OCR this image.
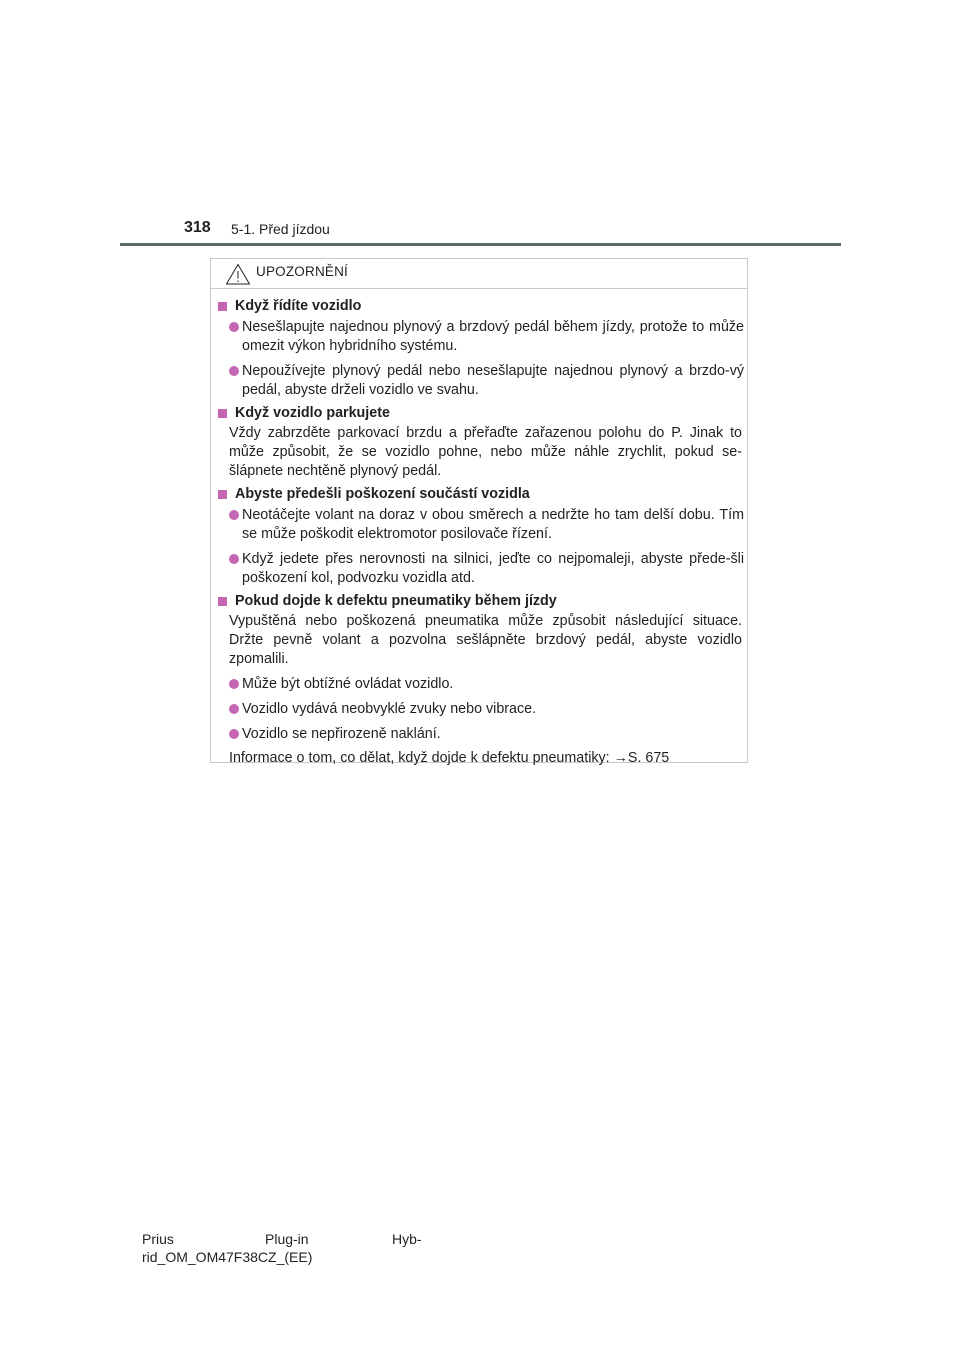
318 5-1. Před jízdou
UPOZORNĚNÍ
Když řídíte vozidlo
Nesešlapujte najednou plynový a brzdový pedál během jízdy, protože to může omezit výkon hybridního systému.
Nepoužívejte plynový pedál nebo nesešlapujte najednou plynový a brzdo-vý pedál, abyste drželi vozidlo ve svahu.
Když vozidlo parkujete
Vždy zabrzděte parkovací brzdu a přeřaďte zařazenou polohu do P. Jinak to může způsobit, že se vozidlo pohne, nebo může náhle zrychlit, pokud se-šlápnete nechtěně plynový pedál.
Abyste předešli poškození součástí vozidla
Neotáčejte volant na doraz v obou směrech a nedržte ho tam delší dobu. Tím se může poškodit elektromotor posilovače řízení.
Když jedete přes nerovnosti na silnici, jeďte co nejpomaleji, abyste přede-šli poškození kol, podvozku vozidla atd.
Pokud dojde k defektu pneumatiky během jízdy
Vypuštěná nebo poškozená pneumatika může způsobit následující situace. Držte pevně volant a pozvolna sešlápněte brzdový pedál, abyste vozidlo zpomalili.
Může být obtížné ovládat vozidlo.
Vozidlo vydává neobvyklé zvuky nebo vibrace.
Vozidlo se nepřirozeně naklání.
Informace o tom, co dělat, když dojde k defektu pneumatiky: →S. 675
Prius	Plug-in	Hyb-
rid_OM_OM47F38CZ_(EE)
